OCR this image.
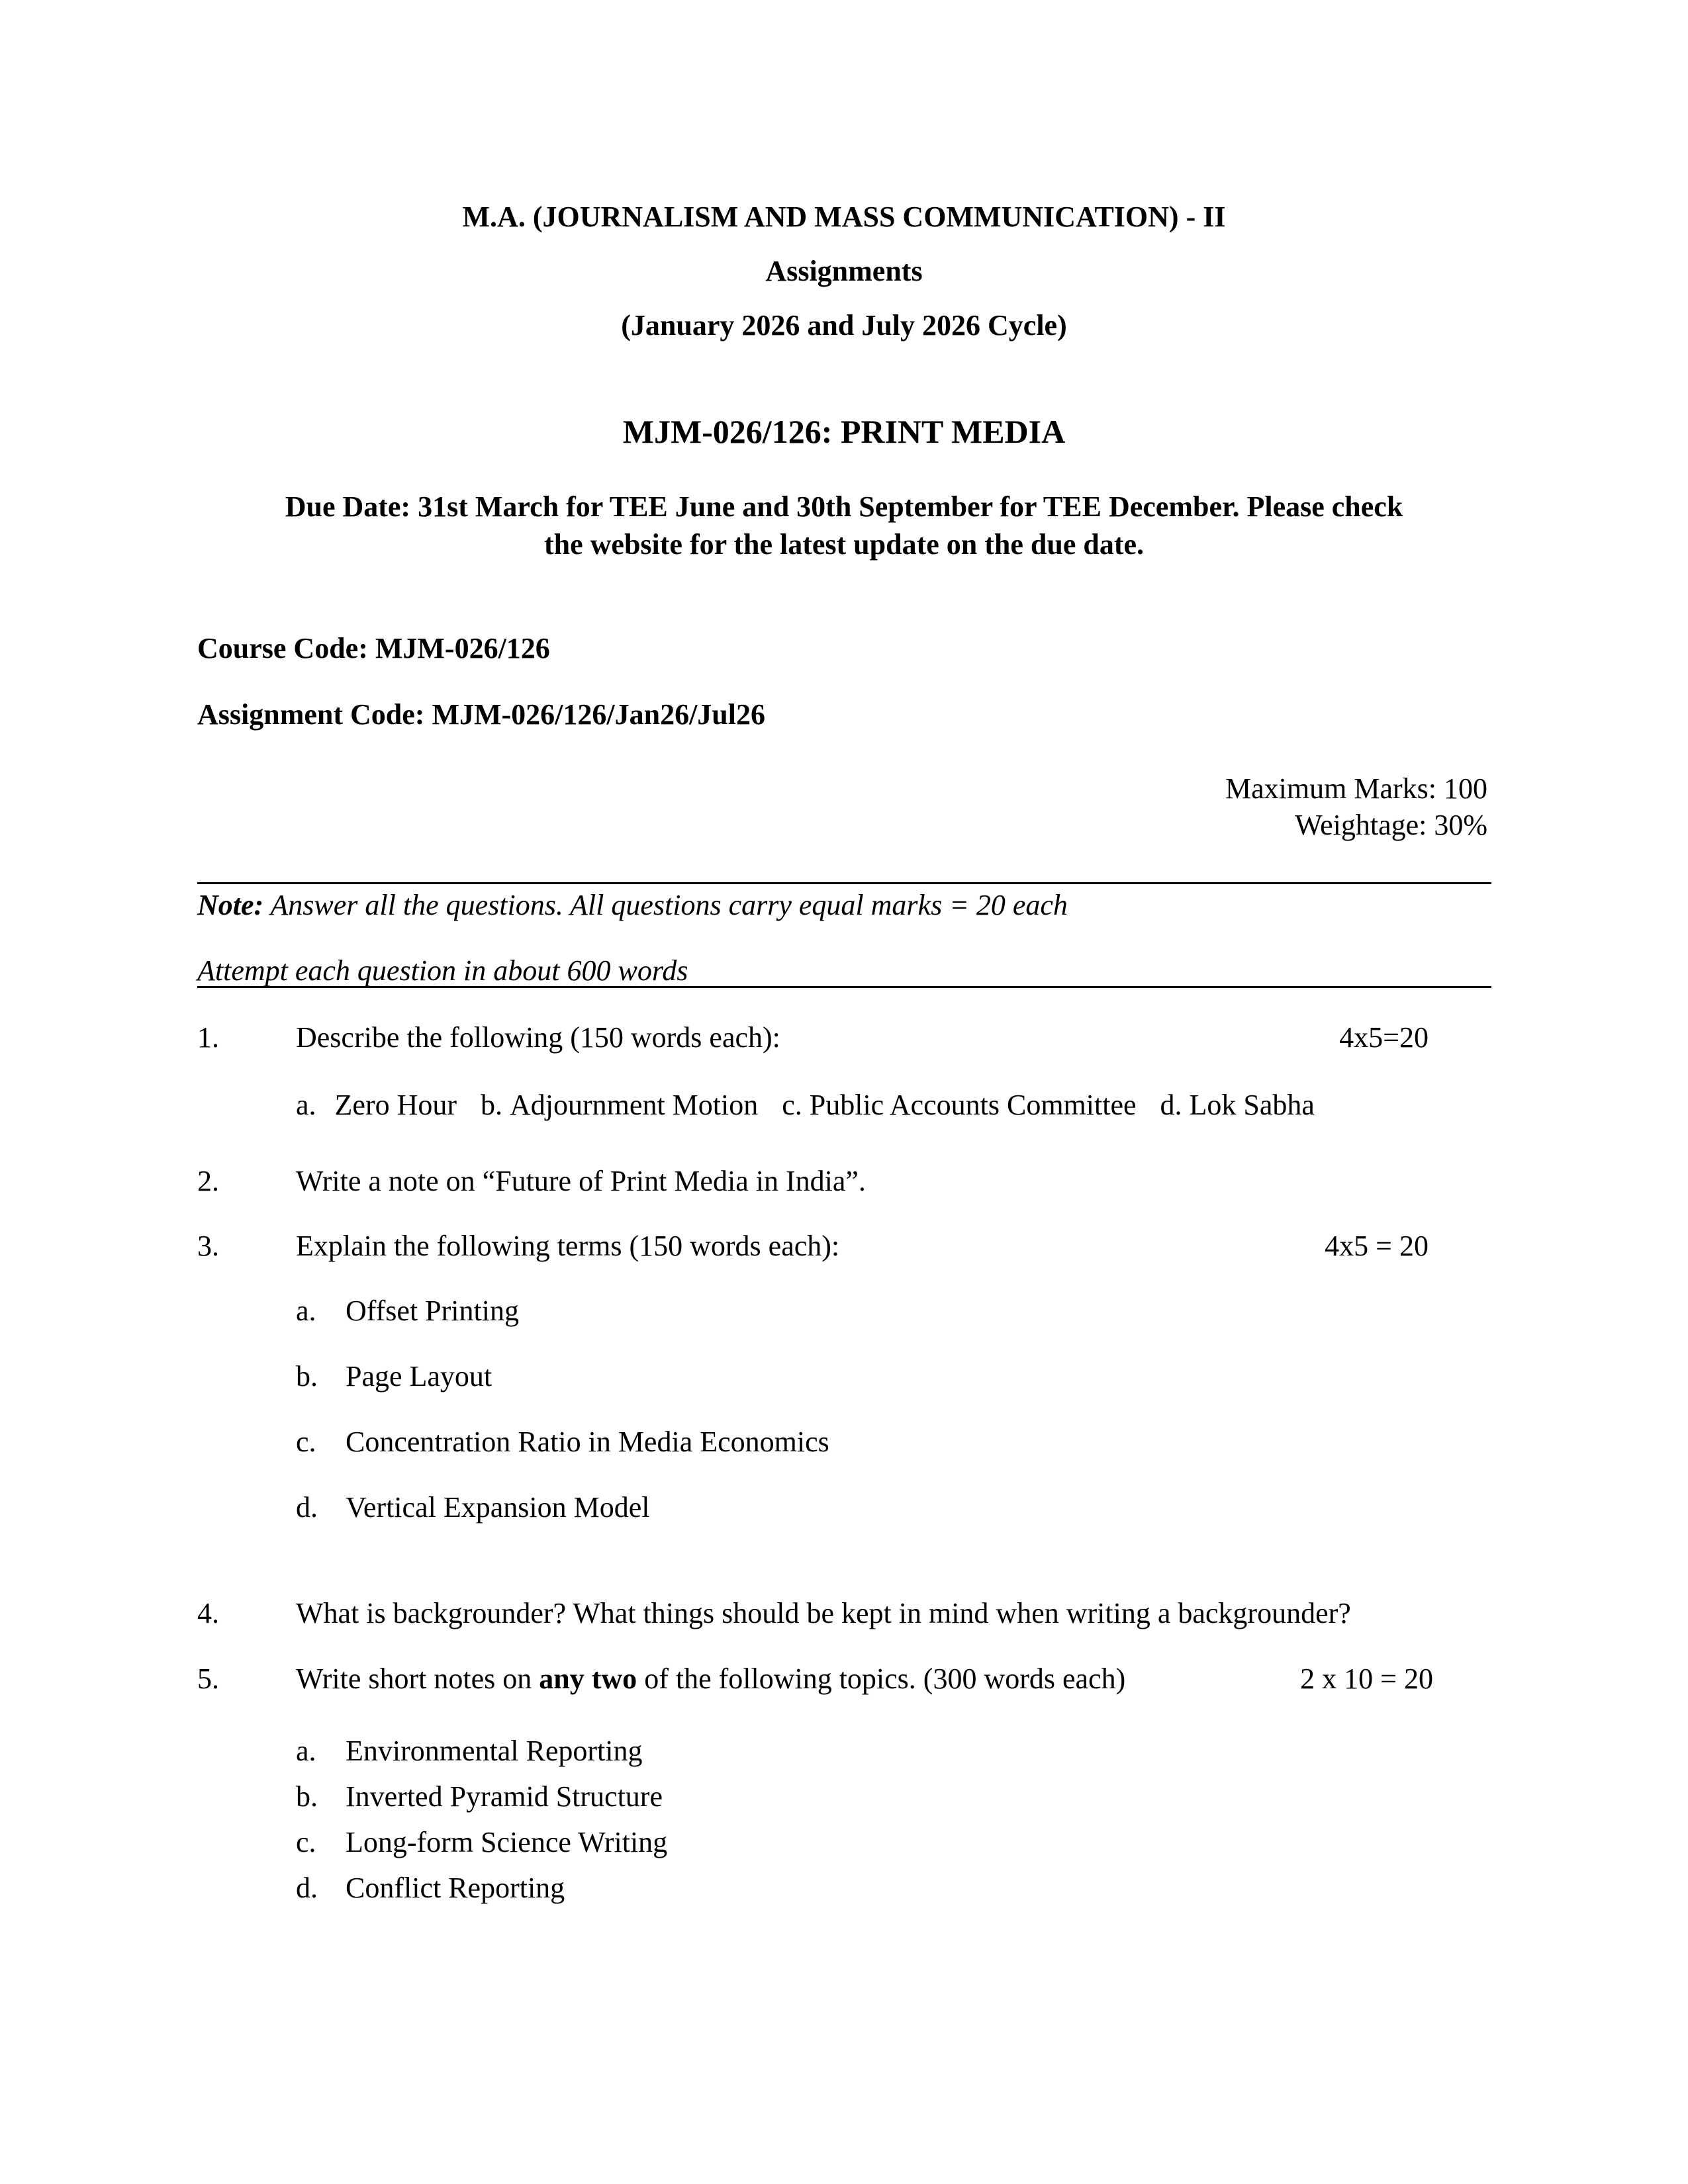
M.A. (JOURNALISM AND MASS COMMUNICATION) - II
Assignments
(January 2026 and July 2026 Cycle)
MJM-026/126: PRINT MEDIA
Due Date: 31st March for TEE June and 30th September for TEE December. Please check
the website for the latest update on the due date.
Course Code: MJM-026/126
Assignment Code: MJM-026/126/Jan26/Jul26
Maximum Marks: 100
Weightage: 30%
Note: Answer all the questions. All questions carry equal marks = 20 each
Attempt each question in about 600 words
1.	Describe the following (150 words each):	4x5=20
a. Zero Hour b. Adjournment Motion c. Public Accounts Committee d. Lok Sabha
2.	Write a note on “Future of Print Media in India”.
3.	Explain the following terms (150 words each):	4x5 = 20
a. Offset Printing
b. Page Layout
c. Concentration Ratio in Media Economics
d. Vertical Expansion Model
4.	What is backgrounder? What things should be kept in mind when writing a backgrounder?
5.	Write short notes on any two of the following topics. (300 words each)	2 x 10 = 20
a. Environmental Reporting
b. Inverted Pyramid Structure
c. Long-form Science Writing
d. Conflict Reporting
